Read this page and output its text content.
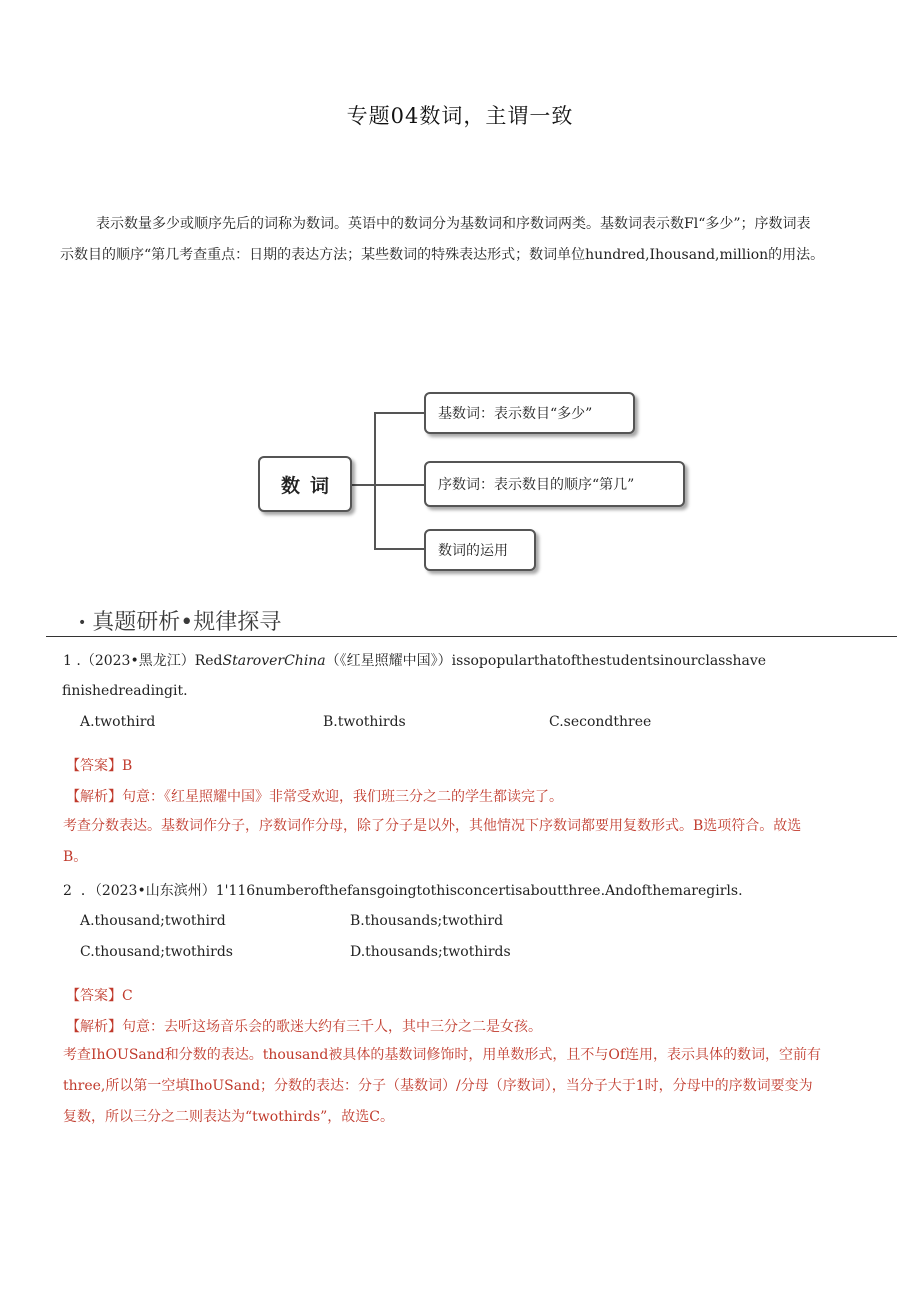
专题04数词，主谓一致
表示数量多少或顺序先后的词称为数词。英语中的数词分为基数词和序数词两类。基数词表示数Fl“多少”；序数词表
示数目的顺序“第几考查重点：日期的表达方法；某些数词的特殊表达形式；数词单位hundred,Ihousand,million的用法。
数词
基数词：表示数目“多少”
序数词：表示数目的顺序“第几”
数词的运用
• 真题研析•规律探寻
1 .（2023•黑龙江）RedStaroverChina（《红星照耀中国》）issopopularthatofthestudentsinourclasshave
finishedreadingit.
A.twothird	B.twothirds	C.secondthree
【答案】B
【解析】句意：《红星照耀中国》非常受欢迎，我们班三分之二的学生都读完了。
考查分数表达。基数词作分子，序数词作分母，除了分子是以外，其他情况下序数词都要用复数形式。B选项符合。故选
B。
2 ．（2023•山东滨州）1'116numberofthefansgoingtothisconcertisaboutthree.Andofthemaregirls.
A.thousand;twothird	B.thousands;twothird
C.thousand;twothirds	D.thousands;twothirds
【答案】C
【解析】句意：去听这场音乐会的歌迷大约有三千人，其中三分之二是女孩。
考查IhOUSand和分数的表达。thousand被具体的基数词修饰时，用单数形式，且不与Of连用，表示具体的数词，空前有
three,所以第一空填IhoUSand；分数的表达：分子（基数词）/分母（序数词），当分子大于1时，分母中的序数词要变为
复数，所以三分之二则表达为“twothirds”，故选C。
